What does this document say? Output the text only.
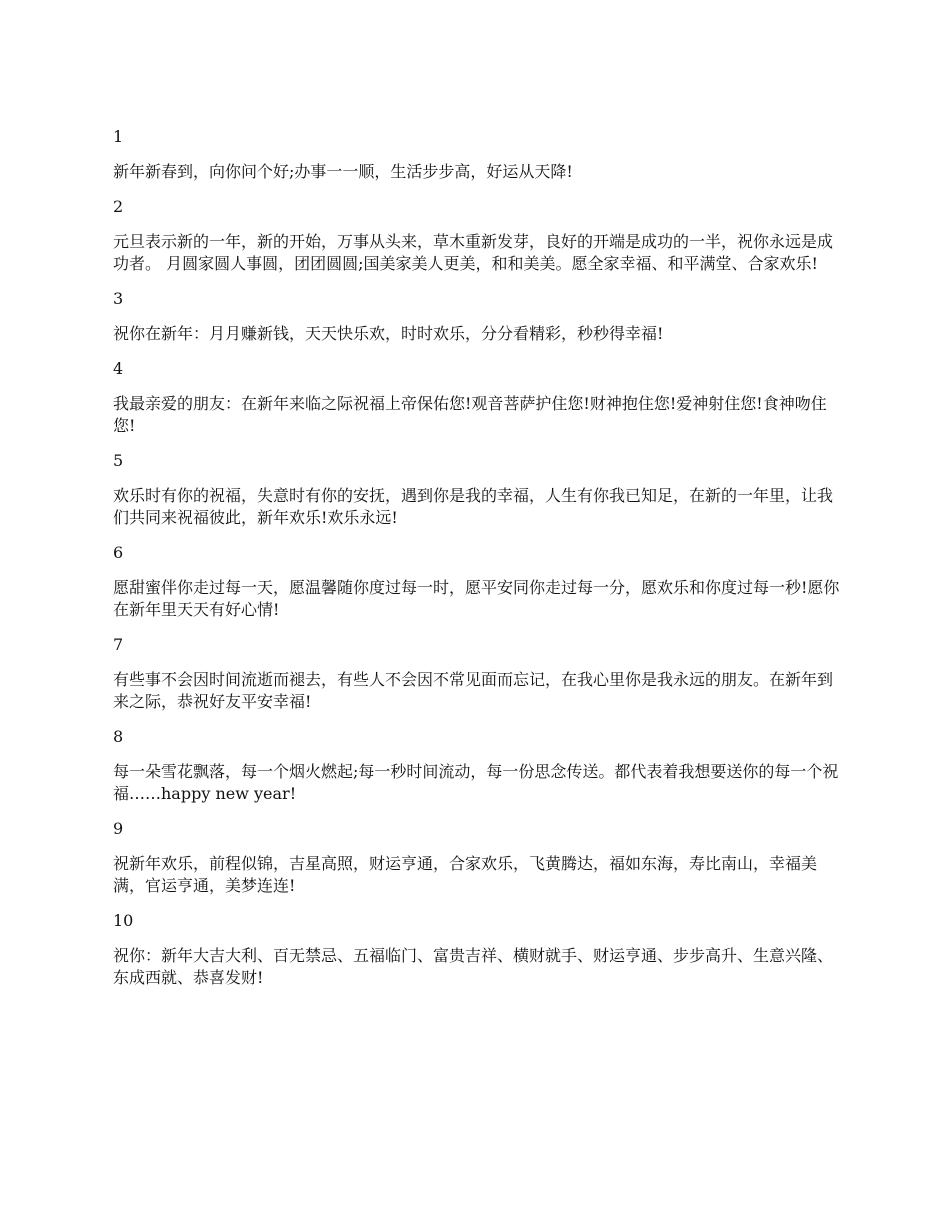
1

新年新春到，向你问个好;办事一一顺，生活步步高，好运从天降!

2

元旦表示新的一年，新的开始，万事从头来，草木重新发芽，良好的开端是成功的一半，祝你永远是成功者。 月圆家圆人事圆，团团圆圆;国美家美人更美，和和美美。愿全家幸福、和平满堂、合家欢乐!

3

祝你在新年：月月赚新钱，天天快乐欢，时时欢乐，分分看精彩，秒秒得幸福!

4

我最亲爱的朋友：在新年来临之际祝福上帝保佑您!观音菩萨护住您!财神抱住您!爱神射住您!食神吻住您!

5

欢乐时有你的祝福，失意时有你的安抚，遇到你是我的幸福，人生有你我已知足，在新的一年里，让我们共同来祝福彼此，新年欢乐!欢乐永远!

6

愿甜蜜伴你走过每一天，愿温馨随你度过每一时，愿平安同你走过每一分，愿欢乐和你度过每一秒!愿你在新年里天天有好心情!

7

有些事不会因时间流逝而褪去，有些人不会因不常见面而忘记，在我心里你是我永远的朋友。在新年到来之际，恭祝好友平安幸福!

8

每一朵雪花飘落，每一个烟火燃起;每一秒时间流动，每一份思念传送。都代表着我想要送你的每一个祝福……happy new year!

9

祝新年欢乐，前程似锦，吉星高照，财运亨通，合家欢乐，飞黄腾达，福如东海，寿比南山，幸福美满，官运亨通，美梦连连!

10

祝你：新年大吉大利、百无禁忌、五福临门、富贵吉祥、横财就手、财运亨通、步步高升、生意兴隆、东成西就、恭喜发财!
